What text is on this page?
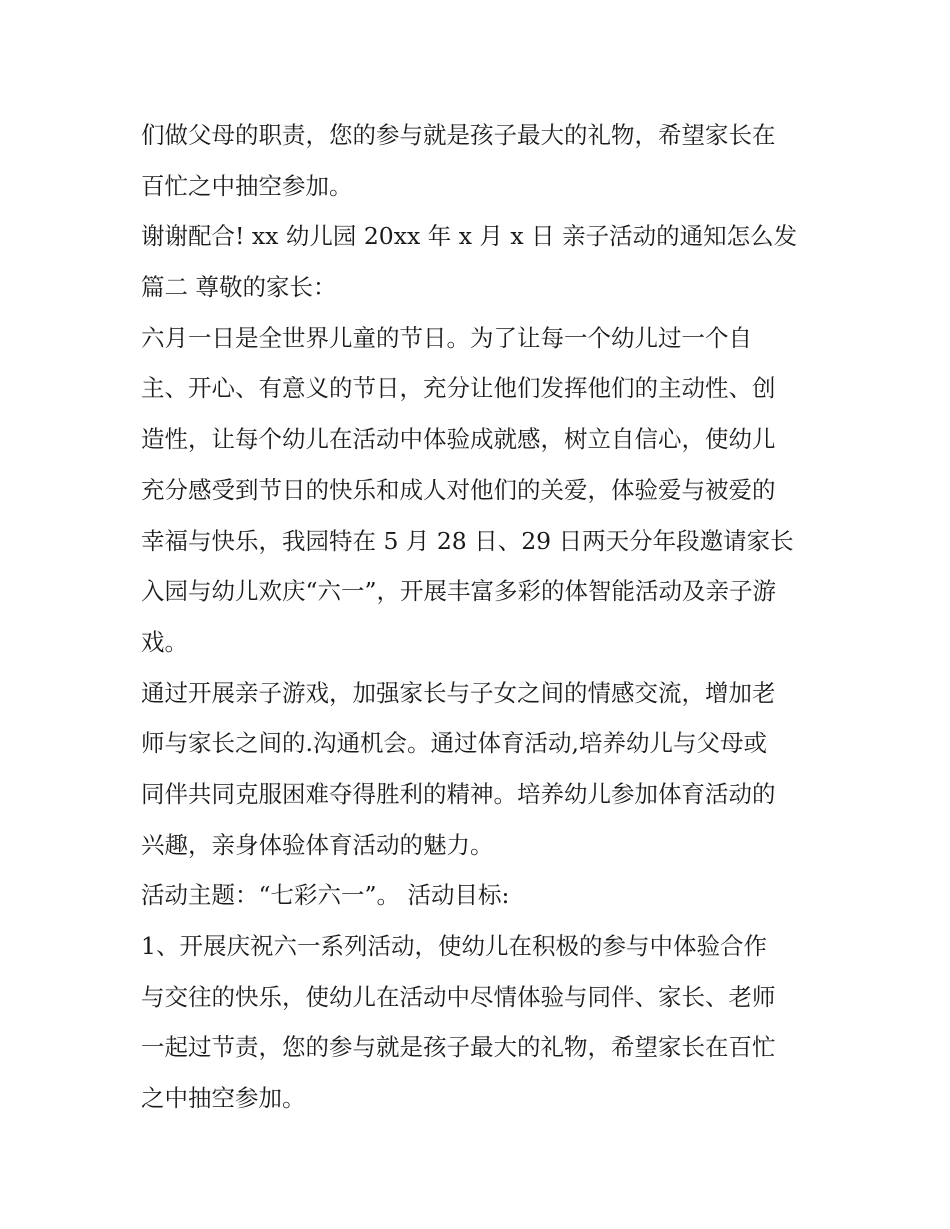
们做父母的职责，您的参与就是孩子最大的礼物，希望家长在
百忙之中抽空参加。
谢谢配合! xx 幼儿园 20xx 年 x 月 x 日 亲子活动的通知怎么发
篇二 尊敬的家长：
六月一日是全世界儿童的节日。为了让每一个幼儿过一个自
主、开心、有意义的节日，充分让他们发挥他们的主动性、创
造性，让每个幼儿在活动中体验成就感，树立自信心，使幼儿
充分感受到节日的快乐和成人对他们的关爱，体验爱与被爱的
幸福与快乐，我园特在 5 月 28 日、29 日两天分年段邀请家长
入园与幼儿欢庆“六一”，开展丰富多彩的体智能活动及亲子游
戏。
通过开展亲子游戏，加强家长与子女之间的情感交流，增加老
师与家长之间的.沟通机会。通过体育活动,培养幼儿与父母或
同伴共同克服困难夺得胜利的精神。培养幼儿参加体育活动的
兴趣，亲身体验体育活动的魅力。
活动主题：“七彩六一”。 活动目标:
1、开展庆祝六一系列活动，使幼儿在积极的参与中体验合作
与交往的快乐，使幼儿在活动中尽情体验与同伴、家长、老师
一起过节责，您的参与就是孩子最大的礼物，希望家长在百忙
之中抽空参加。
